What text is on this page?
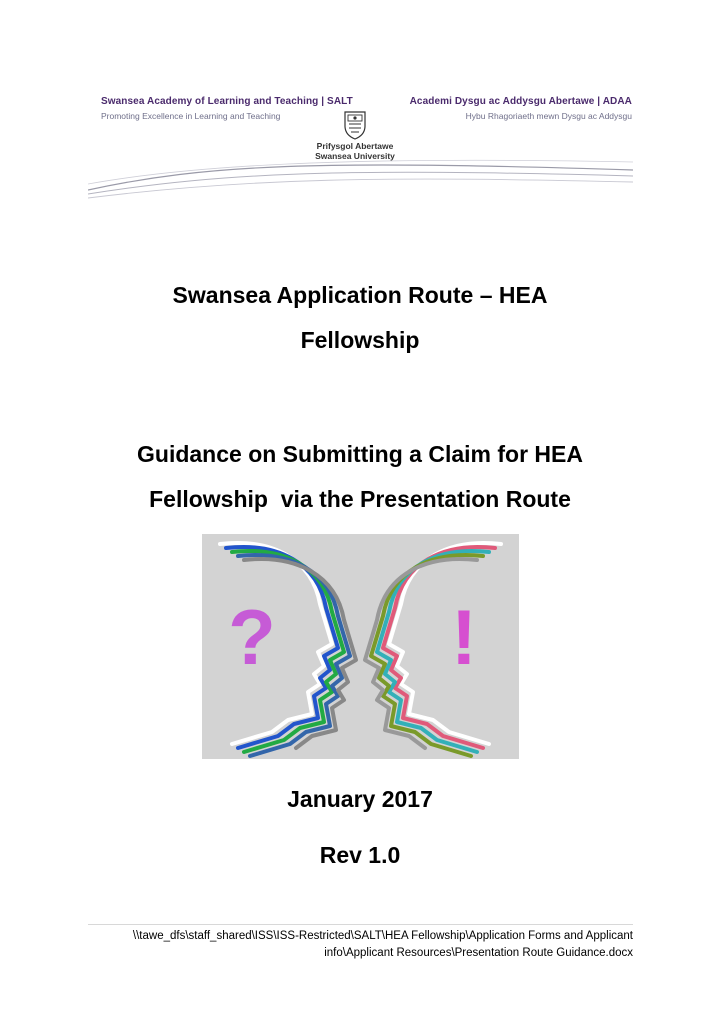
Swansea Academy of Learning and Teaching | SALT
Promoting Excellence in Learning and Teaching
Academi Dysgu ac Addysgu Abertawe | ADAA
Hybu Rhagoriaeth mewn Dysgu ac Addysgu
Prifysgol Abertawe
Swansea University
Swansea Application Route – HEA
Fellowship
Guidance on Submitting a Claim for HEA
Fellowship  via the Presentation Route
? !
January 2017
Rev 1.0
\\tawe_dfs\staff_shared\ISS\ISS-Restricted\SALT\HEA Fellowship\Application Forms and Applicant
info\Applicant Resources\Presentation Route Guidance.docx
